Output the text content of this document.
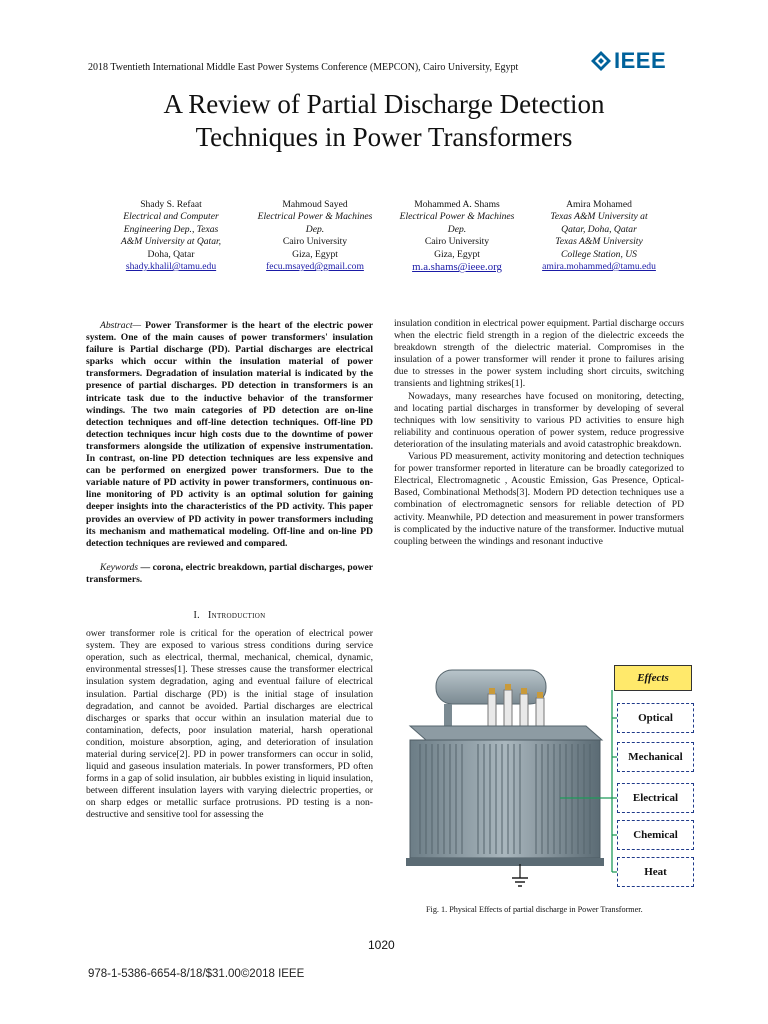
2018 Twentieth International Middle East Power Systems Conference (MEPCON), Cairo University, Egypt	IEEE
A Review of Partial Discharge Detection
Techniques in Power Transformers
Shady S. Refaat
Electrical and Computer
Engineering Dep., Texas
A&M University at Qatar,
Doha, Qatar
shady.khalil@tamu.edu
Mahmoud Sayed
Electrical Power & Machines
Dep.
Cairo University
Giza, Egypt
fecu.msayed@gmail.com
Mohammed A. Shams
Electrical Power & Machines
Dep.
Cairo University
Giza, Egypt
m.a.shams@ieee.org
Amira Mohamed
Texas A&M University at
Qatar, Doha, Qatar
Texas A&M University
College Station, US
amira.mohammed@tamu.edu

Abstract— Power Transformer is the heart of the electric power system. One of the main causes of power transformers' insulation failure is Partial discharge (PD). Partial discharges are electrical sparks which occur within the insulation material of power transformers. Degradation of insulation material is indicated by the presence of partial discharges. PD detection in transformers is an intricate task due to the inductive behavior of the transformer windings. The two main categories of PD detection are on-line detection techniques and off-line detection techniques. Off-line PD detection techniques incur high costs due to the downtime of power transformers alongside the utilization of expensive instrumentation. In contrast, on-line PD detection techniques are less expensive and can be performed on energized power transformers. Due to the variable nature of PD activity in power transformers, continuous on-line monitoring of PD activity is an optimal solution for gaining deeper insights into the characteristics of the PD activity. This paper provides an overview of PD activity in power transformers including its mechanism and mathematical modeling. Off-line and on-line PD detection techniques are reviewed and compared.

Keywords — corona, electric breakdown, partial discharges, power transformers.

I. Introduction

ower transformer role is critical for the operation of electrical power system. They are exposed to various stress conditions during service operation, such as electrical, thermal, mechanical, chemical, dynamic, environmental stresses[1]. These stresses cause the transformer electrical insulation system degradation, aging and eventual failure of electrical insulation. Partial discharge (PD) is the initial stage of insulation degradation, and cannot be avoided. Partial discharges are electrical discharges or sparks that occur within an insulation material due to contamination, defects, poor insulation material, harsh operational condition, moisture absorption, aging, and deterioration of insulation material during service[2]. PD in power transformers can occur in solid, liquid and gaseous insulation materials. In power transformers, PD often forms in a gap of solid insulation, air bubbles existing in liquid insulation, between different insulation layers with varying dielectric properties, or on sharp edges or metallic surface protrusions. PD testing is a non-destructive and sensitive tool for assessing the

insulation condition in electrical power equipment. Partial discharge occurs when the electric field strength in a region of the dielectric exceeds the breakdown strength of the dielectric material. Compromises in the insulation of a power transformer will render it prone to failures arising due to stresses in the power system including short circuits, switching transients and lightning strikes[1].

Nowadays, many researches have focused on monitoring, detecting, and locating partial discharges in transformer by developing of several techniques with low sensitivity to various PD activities to ensure high reliability and continuous operation of power system, reduce progressive deterioration of the insulating materials and avoid catastrophic breakdown.

Various PD measurement, activity monitoring and detection techniques for power transformer reported in literature can be broadly categorized to Electrical, Electromagnetic , Acoustic Emission, Gas Presence, Optical-Based, Combinational Methods[3]. Modern PD detection techniques use a combination of electromagnetic sensors for reliable detection of PD activity. Meanwhile, PD detection and measurement in power transformers is complicated by the inductive nature of the transformer. Inductive mutual coupling between the windings and resonant inductive

Effects
Optical
Mechanical
Electrical
Chemical
Heat
Fig. 1. Physical Effects of partial discharge in Power Transformer.
1020
978-1-5386-6654-8/18/$31.00©2018 IEEE
